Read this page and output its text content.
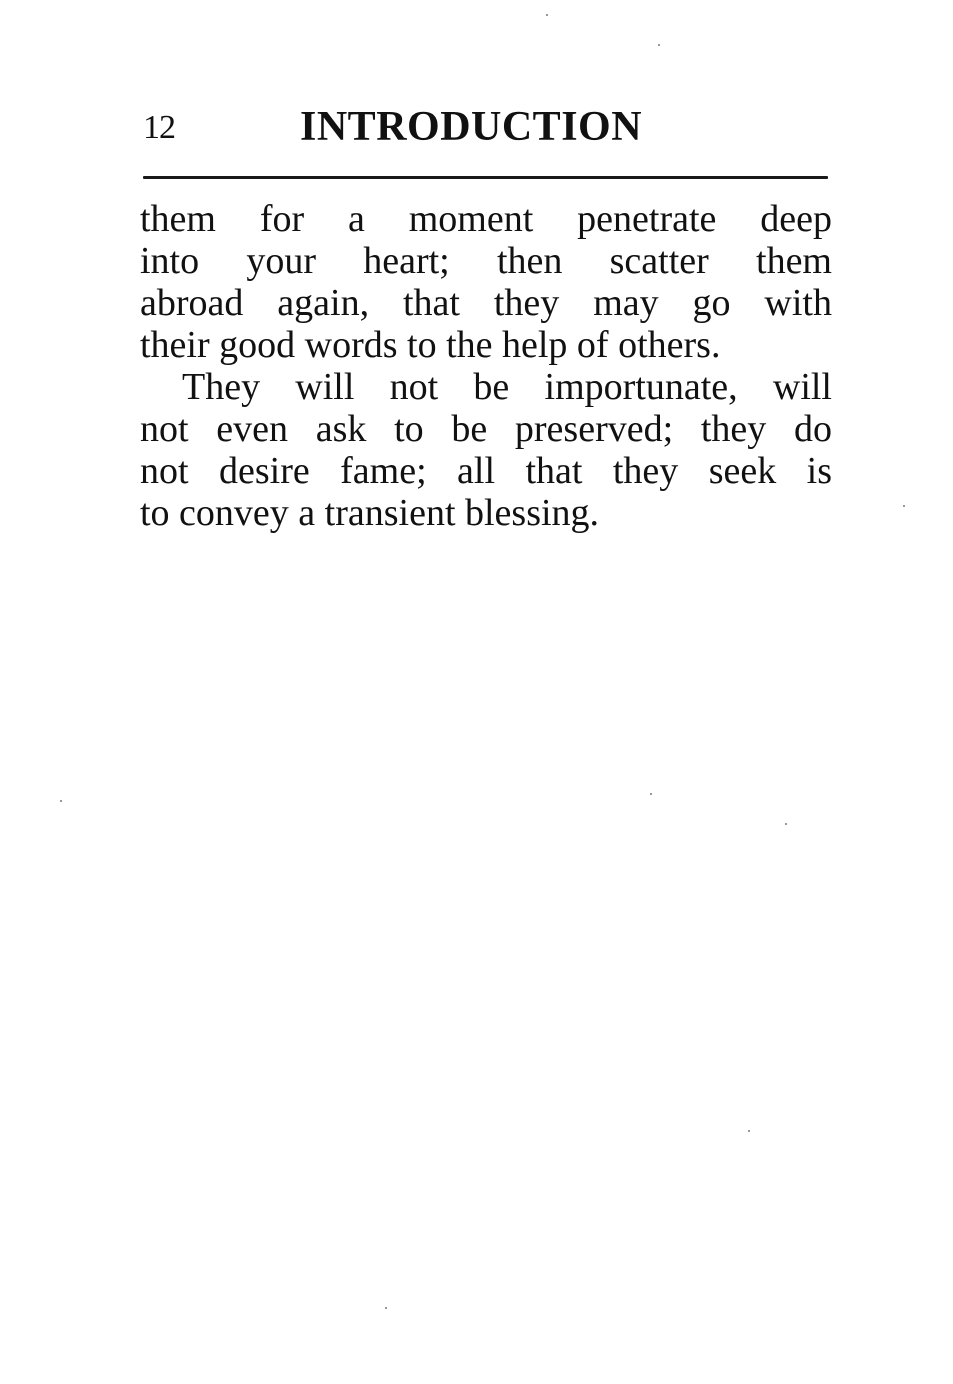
12	INTRODUCTION
them for a moment penetrate deep
into your heart; then scatter them
abroad again, that they may go with
their good words to the help of others.
They will not be importunate, will
not even ask to be preserved; they do
not desire fame; all that they seek is
to convey a transient blessing.
